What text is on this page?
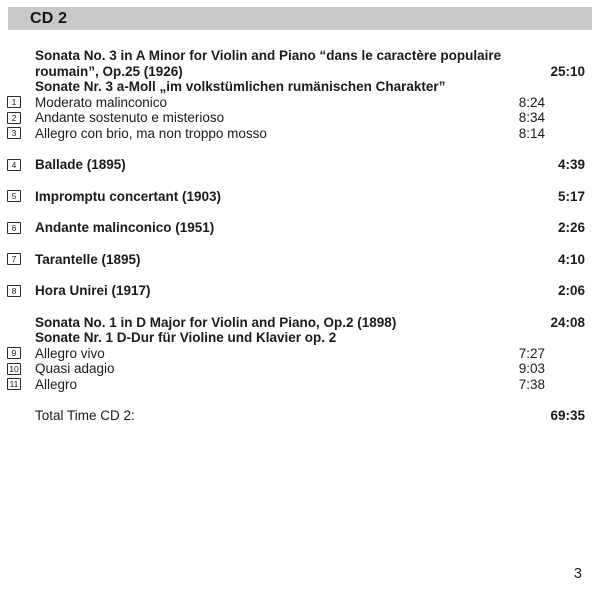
CD 2
Sonata No. 3 in A Minor for Violin and Piano “dans le caractère populaire
roumain”, Op.25 (1926)	25:10
Sonate Nr. 3 a-Moll „im volkstümlichen rumänischen Charakter”
1	Moderato malinconico	8:24
2	Andante sostenuto e misterioso	8:34
3	Allegro con brio, ma non troppo mosso	8:14
4	Ballade (1895)	4:39
5	Impromptu concertant (1903)	5:17
6	Andante malinconico (1951)	2:26
7	Tarantelle (1895)	4:10
8	Hora Unirei (1917)	2:06
Sonata No. 1 in D Major for Violin and Piano, Op.2 (1898)	24:08
Sonate Nr. 1 D-Dur für Violine und Klavier op. 2
9	Allegro vivo	7:27
10 Quasi adagio	9:03
11 Allegro	7:38
Total Time CD 2:	69:35
3
